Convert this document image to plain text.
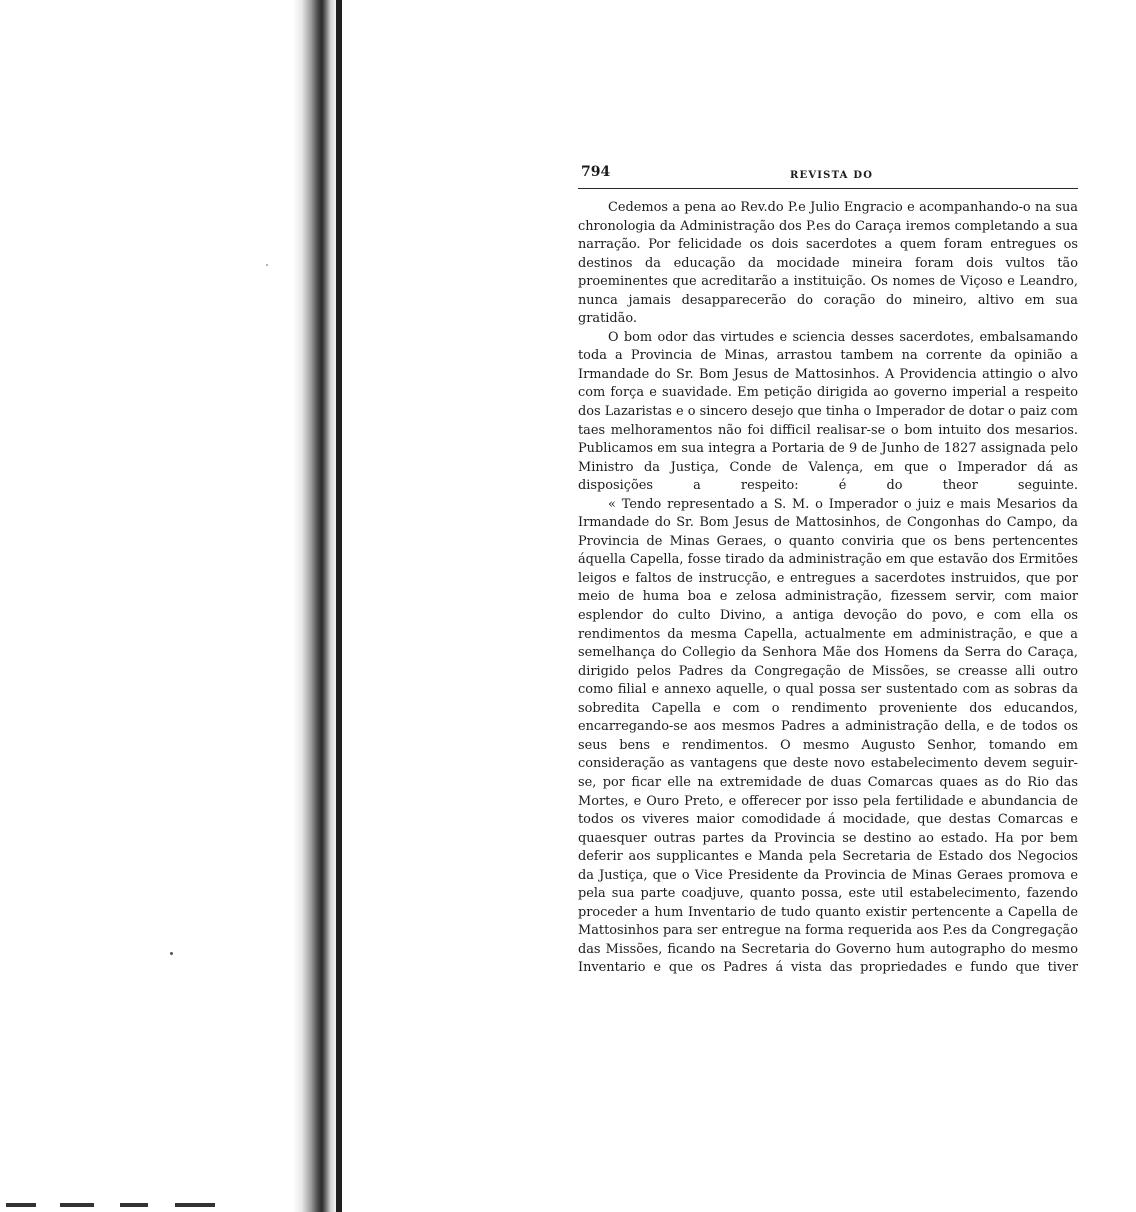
794	REVISTA DO

Cedemos a pena ao Rev.do P.e Julio Engracio e acompanhando-o na sua chronologia da Administração dos P.es do Caraça iremos completando a sua narração. Por felicidade os dois sacerdotes a quem foram entregues os destinos da educação da mocidade mineira foram dois vultos tão proeminentes que acreditarão a instituição. Os nomes de Viçoso e Leandro, nunca jamais desapparecerão do coração do mineiro, altivo em sua gratidão.

O bom odor das virtudes e sciencia desses sacerdotes, embalsamando toda a Provincia de Minas, arrastou tambem na corrente da opinião a Irmandade do Sr. Bom Jesus de Mattosinhos. A Providencia attingio o alvo com força e suavidade. Em petição dirigida ao governo imperial a respeito dos Lazaristas e o sincero desejo que tinha o Imperador de dotar o paiz com taes melhoramentos não foi difficil realisar-se o bom intuito dos mesarios. Publicamos em sua integra a Portaria de 9 de Junho de 1827 assignada pelo Ministro da Justiça, Conde de Valença, em que o Imperador dá as disposições a respeito: é do theor seguinte.

« Tendo representado a S. M. o Imperador o juiz e mais Mesarios da Irmandade do Sr. Bom Jesus de Mattosinhos, de Congonhas do Campo, da Provincia de Minas Geraes, o quanto conviria que os bens pertencentes áquella Capella, fosse tirado da administração em que estavão dos Ermitões leigos e faltos de instrucção, e entregues a sacerdotes instruidos, que por meio de huma boa e zelosa administração, fizessem servir, com maior esplendor do culto Divino, a antiga devoção do povo, e com ella os rendimentos da mesma Capella, actualmente em administração, e que a semelhança do Collegio da Senhora Mãe dos Homens da Serra do Caraça, dirigido pelos Padres da Congregação de Missões, se creasse alli outro como filial e annexo aquelle, o qual possa ser sustentado com as sobras da sobredita Capella e com o rendimento proveniente dos educandos, encarregando-se aos mesmos Padres a administração della, e de todos os seus bens e rendimentos. O mesmo Augusto Senhor, tomando em consideração as vantagens que deste novo estabelecimento devem seguir-se, por ficar elle na extremidade de duas Comarcas quaes as do Rio das Mortes, e Ouro Preto, e offerecer por isso pela fertilidade e abundancia de todos os viveres maior comodidade á mocidade, que destas Comarcas e quaesquer outras partes da Provincia se destino ao estado. Ha por bem deferir aos supplicantes e Manda pela Secretaria de Estado dos Negocios da Justiça, que o Vice Presidente da Provincia de Minas Geraes promova e pela sua parte coadjuve, quanto possa, este util estabelecimento, fazendo proceder a hum Inventario de tudo quanto existir pertencente a Capella de Mattosinhos para ser entregue na forma requerida aos P.es da Congregação das Missões, ficando na Secretaria do Governo hum autographo do mesmo Inventario e que os Padres á vista das propriedades e fundo que tiver
